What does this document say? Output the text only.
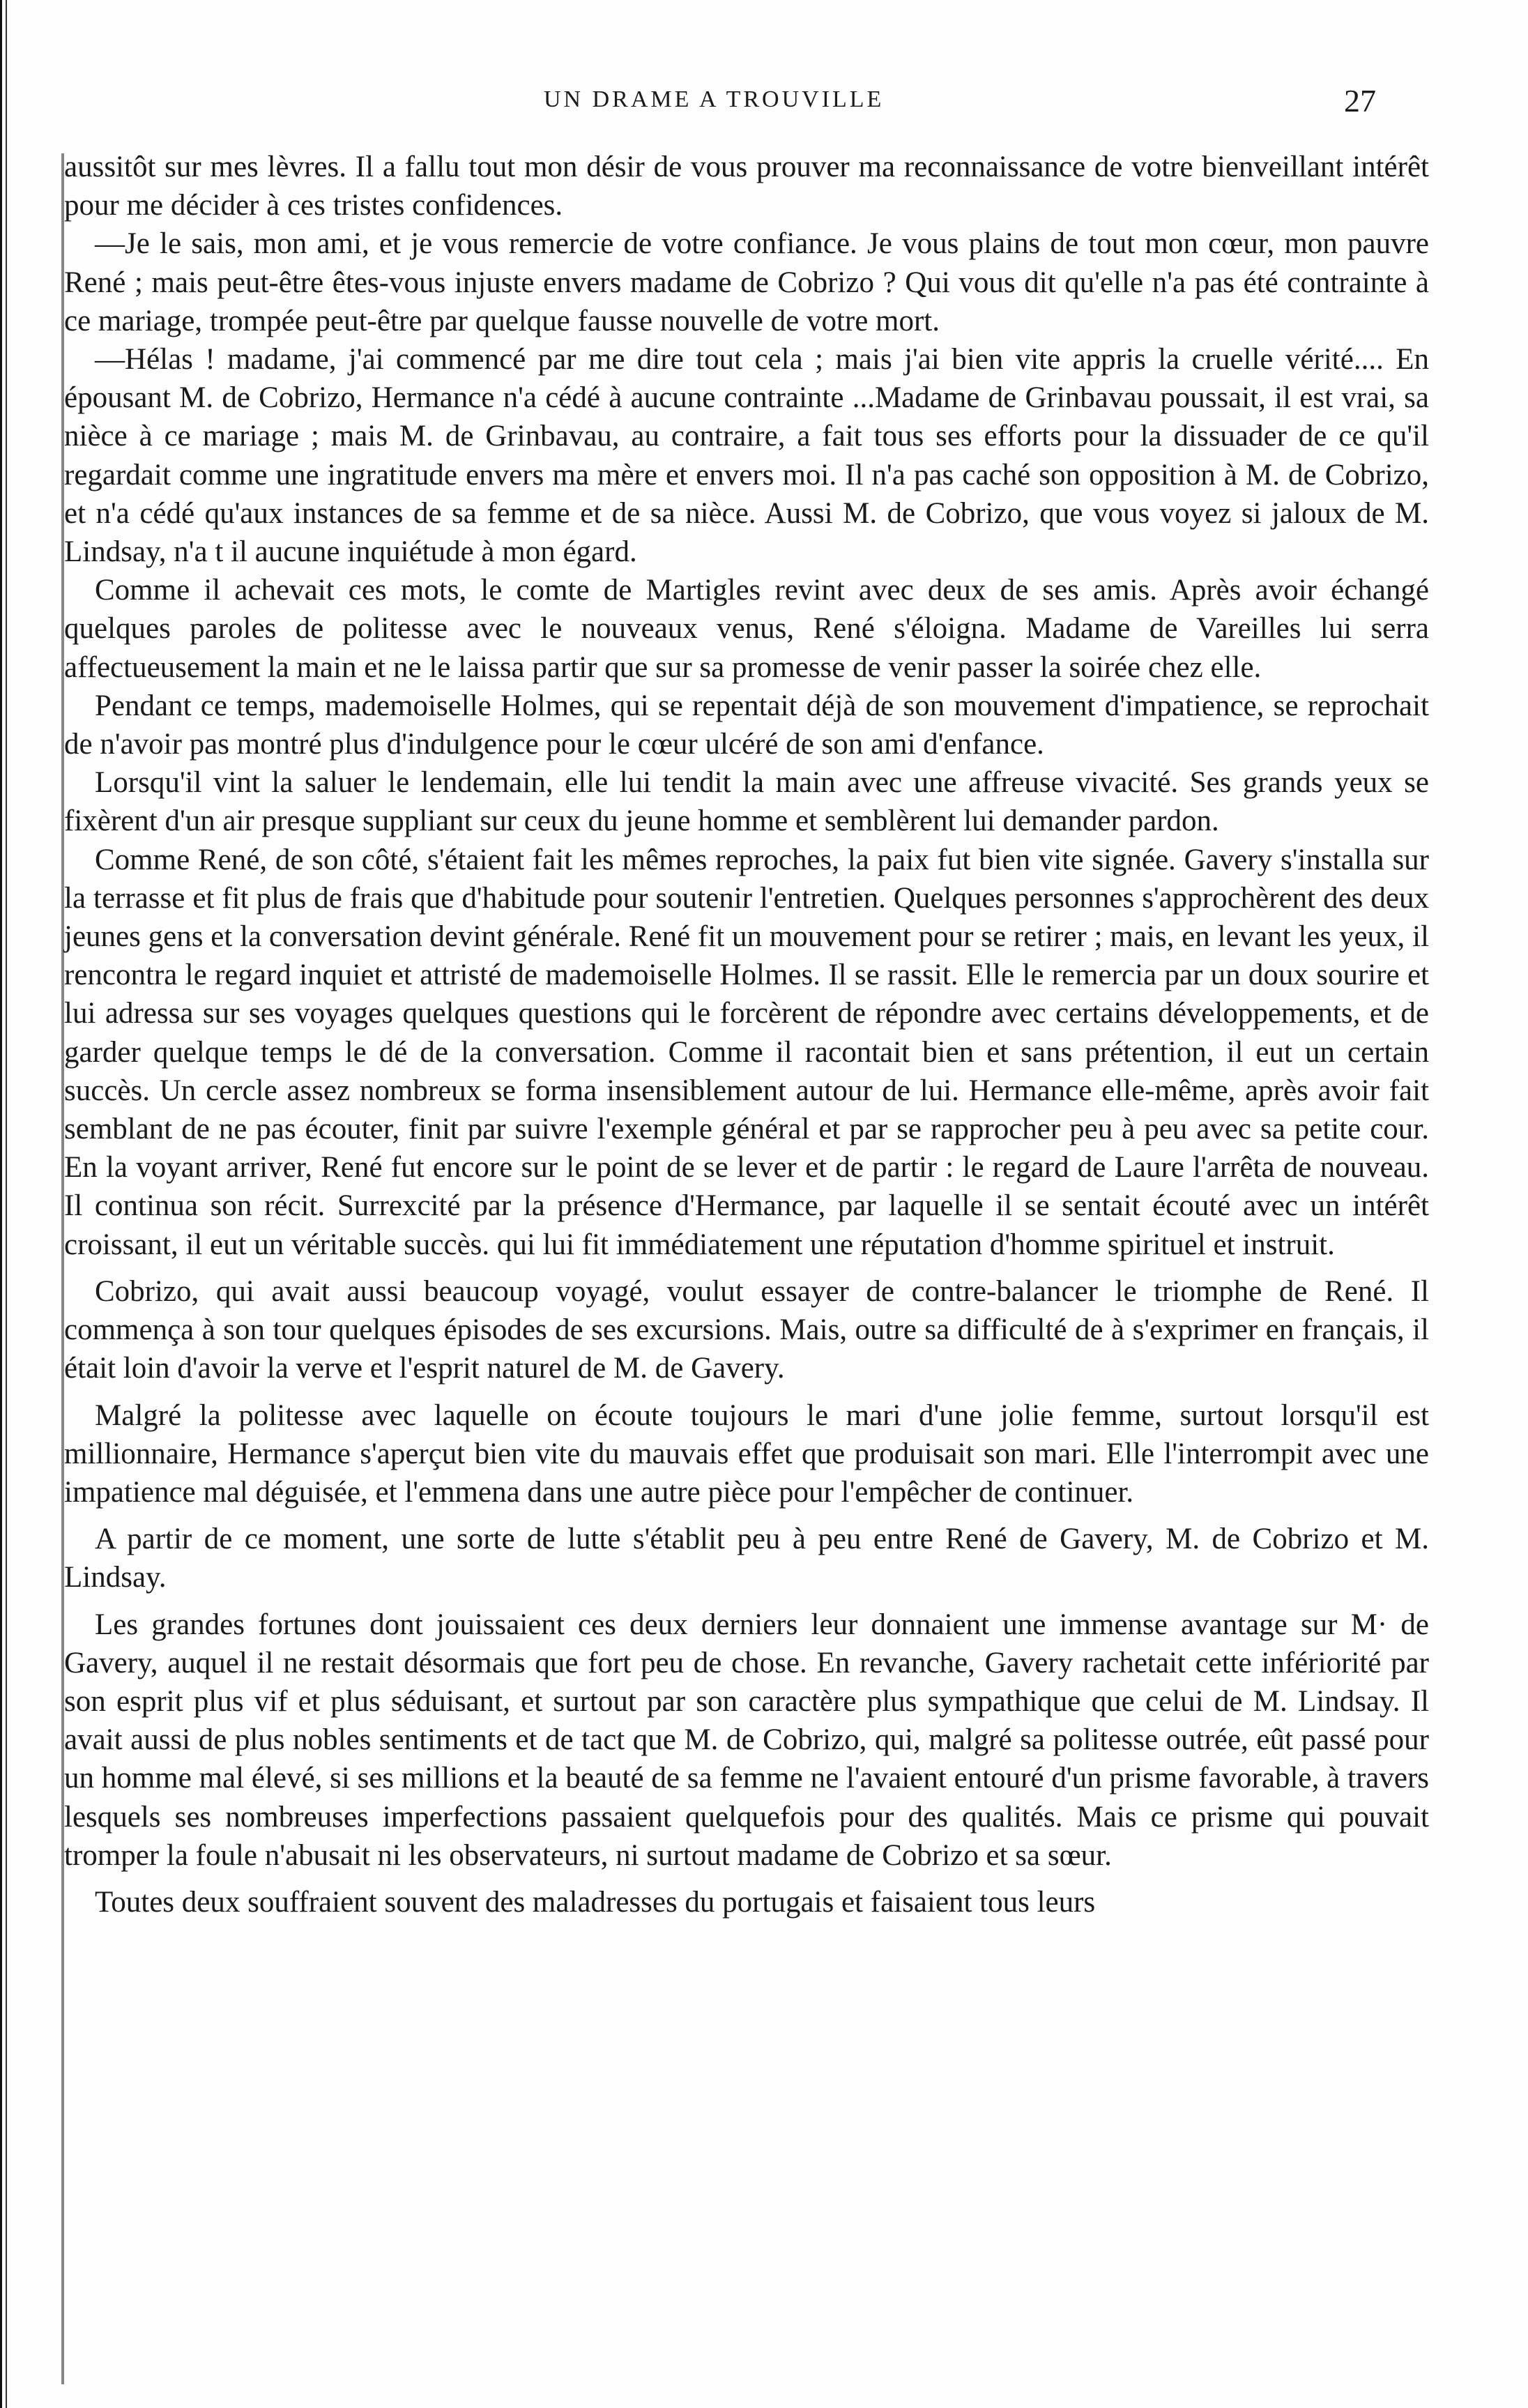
UN DRAME A TROUVILLE	27

aussitôt sur mes lèvres. Il a fallu tout mon désir de vous prouver ma reconnaissance de votre bienveillant intérêt pour me décider à ces tristes confidences.

—Je le sais, mon ami, et je vous remercie de votre confiance. Je vous plains de tout mon cœur, mon pauvre René ; mais peut-être êtes-vous injuste envers madame de Cobrizo ? Qui vous dit qu'elle n'a pas été contrainte à ce mariage, trompée peut-être par quelque fausse nouvelle de votre mort.

—Hélas ! madame, j'ai commencé par me dire tout cela ; mais j'ai bien vite appris la cruelle vérité.... En épousant M. de Cobrizo, Hermance n'a cédé à aucune contrainte ...Madame de Grinbavau poussait, il est vrai, sa nièce à ce mariage ; mais M. de Grinbavau, au contraire, a fait tous ses efforts pour la dissuader de ce qu'il regardait comme une ingratitude envers ma mère et envers moi. Il n'a pas caché son opposition à M. de Cobrizo, et n'a cédé qu'aux instances de sa femme et de sa nièce. Aussi M. de Cobrizo, que vous voyez si jaloux de M. Lindsay, n'a t il aucune inquiétude à mon égard.

Comme il achevait ces mots, le comte de Martigles revint avec deux de ses amis. Après avoir échangé quelques paroles de politesse avec le nouveaux venus, René s'éloigna. Madame de Vareilles lui serra affectueusement la main et ne le laissa partir que sur sa promesse de venir passer la soirée chez elle.

Pendant ce temps, mademoiselle Holmes, qui se repentait déjà de son mouvement d'impatience, se reprochait de n'avoir pas montré plus d'indulgence pour le cœur ulcéré de son ami d'enfance.

Lorsqu'il vint la saluer le lendemain, elle lui tendit la main avec une affreuse vivacité. Ses grands yeux se fixèrent d'un air presque suppliant sur ceux du jeune homme et semblèrent lui demander pardon.

Comme René, de son côté, s'étaient fait les mêmes reproches, la paix fut bien vite signée. Gavery s'installa sur la terrasse et fit plus de frais que d'habitude pour soutenir l'entretien. Quelques personnes s'approchèrent des deux jeunes gens et la conversation devint générale. René fit un mouvement pour se retirer ; mais, en levant les yeux, il rencontra le regard inquiet et attristé de mademoiselle Holmes. Il se rassit. Elle le remercia par un doux sourire et lui adressa sur ses voyages quelques questions qui le forcèrent de répondre avec certains développements, et de garder quelque temps le dé de la conversation. Comme il racontait bien et sans prétention, il eut un certain succès. Un cercle assez nombreux se forma insensiblement autour de lui. Hermance elle-même, après avoir fait semblant de ne pas écouter, finit par suivre l'exemple général et par se rapprocher peu à peu avec sa petite cour. En la voyant arriver, René fut encore sur le point de se lever et de partir : le regard de Laure l'arrêta de nouveau. Il continua son récit. Surrexcité par la présence d'Hermance, par laquelle il se sentait écouté avec un intérêt croissant, il eut un véritable succès. qui lui fit immédiatement une réputation d'homme spirituel et instruit.

Cobrizo, qui avait aussi beaucoup voyagé, voulut essayer de contre-balancer le triomphe de René. Il commença à son tour quelques épisodes de ses excursions. Mais, outre sa difficulté de à s'exprimer en français, il était loin d'avoir la verve et l'esprit naturel de M. de Gavery.

Malgré la politesse avec laquelle on écoute toujours le mari d'une jolie femme, surtout lorsqu'il est millionnaire, Hermance s'aperçut bien vite du mauvais effet que produisait son mari. Elle l'interrompit avec une impatience mal déguisée, et l'emmena dans une autre pièce pour l'empêcher de continuer.

A partir de ce moment, une sorte de lutte s'établit peu à peu entre René de Gavery, M. de Cobrizo et M. Lindsay.

Les grandes fortunes dont jouissaient ces deux derniers leur donnaient une immense avantage sur M· de Gavery, auquel il ne restait désormais que fort peu de chose. En revanche, Gavery rachetait cette infériorité par son esprit plus vif et plus séduisant, et surtout par son caractère plus sympathique que celui de M. Lindsay. Il avait aussi de plus nobles sentiments et de tact que M. de Cobrizo, qui, malgré sa politesse outrée, eût passé pour un homme mal élevé, si ses millions et la beauté de sa femme ne l'avaient entouré d'un prisme favorable, à travers lesquels ses nombreuses imperfections passaient quelquefois pour des qualités. Mais ce prisme qui pouvait tromper la foule n'abusait ni les observateurs, ni surtout madame de Cobrizo et sa sœur.

Toutes deux souffraient souvent des maladresses du portugais et faisaient tous leurs
